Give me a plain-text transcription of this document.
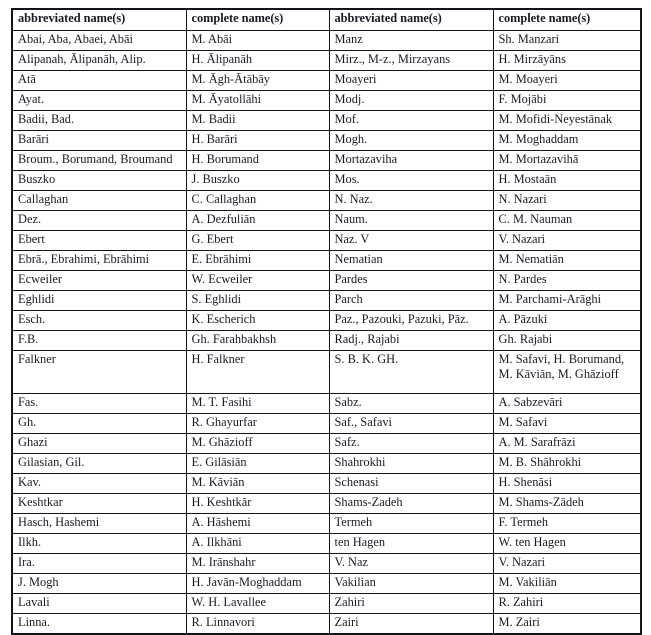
abbreviated name(s)	complete name(s)	abbreviated name(s)	complete name(s)
Abai, Aba, Abaei, Abāi	M. Abāi	Manz	Sh. Manzari
Alipanah, Ālipanāh, Alip.	H. Ālipanāh	Mirz., M-z., Mirzayans	H. Mirzāyāns
Atā	M. Āgh-Ātābāy	Moayeri	M. Moayeri
Ayat.	M. Āyatollāhi	Modj.	F. Mojābi
Badii, Bad.	M. Badii	Mof.	M. Mofidi-Neyestānak
Barāri	H. Barāri	Mogh.	M. Moghaddam
Broum., Borumand, Broumand	H. Borumand	Mortazaviha	M. Mortazavihā
Buszko	J. Buszko	Mos.	H. Mostaān
Callaghan	C. Callaghan	N. Naz.	N. Nazari
Dez.	A. Dezfuliān	Naum.	C. M. Nauman
Ebert	G. Ebert	Naz. V	V. Nazari
Ebrā., Ebrahimi, Ebrāhimi	E. Ebrāhimi	Nematian	M. Nematiān
Ecweiler	W. Ecweiler	Pardes	N. Pardes
Eghlidi	S. Eghlidi	Parch	M. Parchami-Arāghi
Esch.	K. Escherich	Paz., Pazouki, Pazuki, Pāz.	A. Pāzuki
F.B.	Gh. Farahbakhsh	Radj., Rajabi	Gh. Rajabi
Falkner	H. Falkner	S. B. K. GH.	M. Safavi, H. Borumand,
M. Kāviān, M. Ghāzioff

Fas.	M. T. Fasihi	Sabz.	A. Sabzevāri
Gh.	R. Ghayurfar	Saf., Safavi	M. Safavi
Ghazi	M. Ghāzioff	Safz.	A. M. Sarafrāzi
Gilasian, Gil.	E. Gilāsiān	Shahrokhi	M. B. Shāhrokhi
Kav.	M. Kāviān	Schenasi	H. Shenāsi
Keshtkar	H. Keshtkār	Shams-Zadeh	M. Shams-Zādeh
Hasch, Hashemi	A. Hāshemi	Termeh	F. Termeh
Ilkh.	A. Ilkhāni	ten Hagen	W. ten Hagen
Ira.	M. Irānshahr	V. Naz	V. Nazari
J. Mogh	H. Javān-Moghaddam	Vakilian	M. Vakiliān
Lavali	W. H. Lavallee	Zahiri	R. Zahiri
Linna.	R. Linnavori	Zairi	M. Zairi
